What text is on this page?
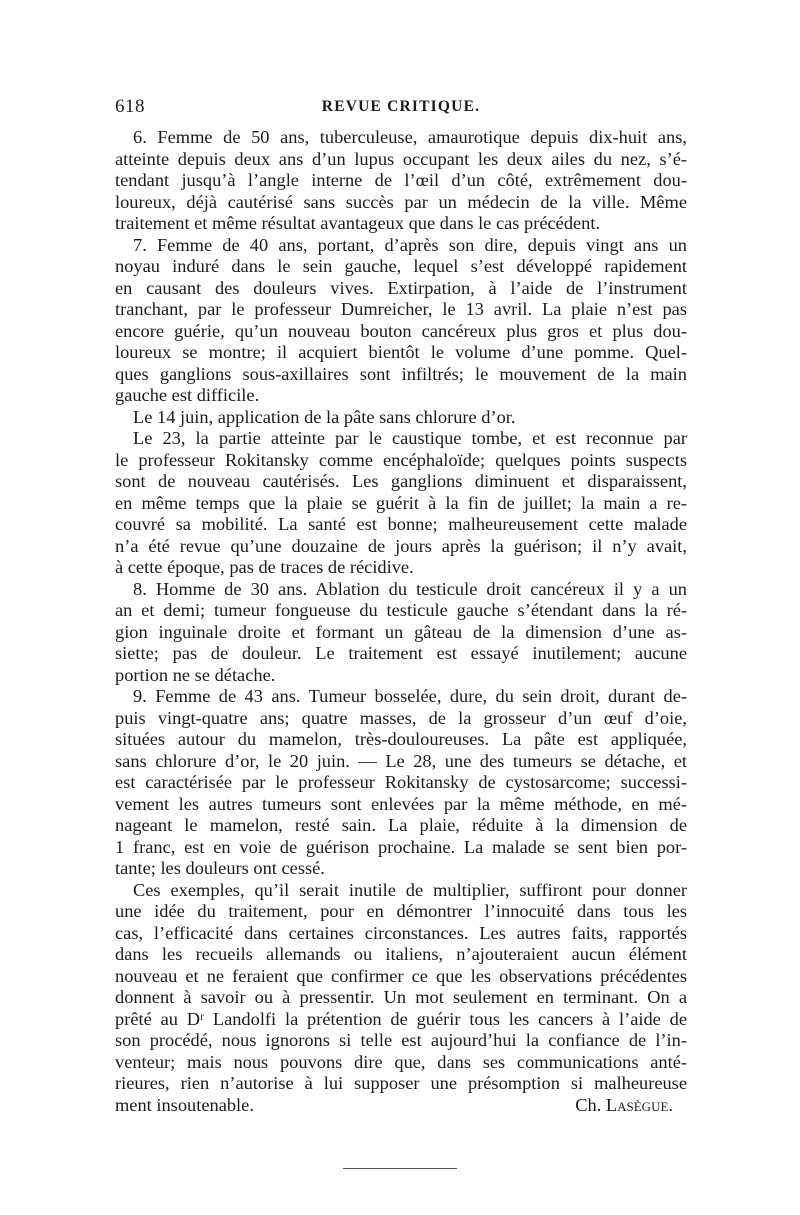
618	REVUE CRITIQUE.
6. Femme de 50 ans, tuberculeuse, amaurotique depuis dix-huit ans,
atteinte depuis deux ans d’un lupus occupant les deux ailes du nez, s’é-
tendant jusqu’à l’angle interne de l’œil d’un côté, extrêmement dou-
loureux, déjà cautérisé sans succès par un médecin de la ville. Même
traitement et même résultat avantageux que dans le cas précédent.
7. Femme de 40 ans, portant, d’après son dire, depuis vingt ans un
noyau induré dans le sein gauche, lequel s’est développé rapidement
en causant des douleurs vives. Extirpation, à l’aide de l’instrument
tranchant, par le professeur Dumreicher, le 13 avril. La plaie n’est pas
encore guérie, qu’un nouveau bouton cancéreux plus gros et plus dou-
loureux se montre; il acquiert bientôt le volume d’une pomme. Quel-
ques ganglions sous-axillaires sont infiltrés; le mouvement de la main
gauche est difficile.
Le 14 juin, application de la pâte sans chlorure d’or.
Le 23, la partie atteinte par le caustique tombe, et est reconnue par
le professeur Rokitansky comme encéphaloïde; quelques points suspects
sont de nouveau cautérisés. Les ganglions diminuent et disparaissent,
en même temps que la plaie se guérit à la fin de juillet; la main a re-
couvré sa mobilité. La santé est bonne; malheureusement cette malade
n’a été revue qu’une douzaine de jours après la guérison; il n’y avait,
à cette époque, pas de traces de récidive.
8. Homme de 30 ans. Ablation du testicule droit cancéreux il y a un
an et demi; tumeur fongueuse du testicule gauche s’étendant dans la ré-
gion inguinale droite et formant un gâteau de la dimension d’une as-
siette; pas de douleur. Le traitement est essayé inutilement; aucune
portion ne se détache.
9. Femme de 43 ans. Tumeur bosselée, dure, du sein droit, durant de-
puis vingt-quatre ans; quatre masses, de la grosseur d’un œuf d’oie,
situées autour du mamelon, très-douloureuses. La pâte est appliquée,
sans chlorure d’or, le 20 juin. — Le 28, une des tumeurs se détache, et
est caractérisée par le professeur Rokitansky de cystosarcome; successi-
vement les autres tumeurs sont enlevées par la même méthode, en mé-
nageant le mamelon, resté sain. La plaie, réduite à la dimension de
1 franc, est en voie de guérison prochaine. La malade se sent bien por-
tante; les douleurs ont cessé.
Ces exemples, qu’il serait inutile de multiplier, suffiront pour donner
une idée du traitement, pour en démontrer l’innocuité dans tous les
cas, l’efficacité dans certaines circonstances. Les autres faits, rapportés
dans les recueils allemands ou italiens, n’ajouteraient aucun élément
nouveau et ne feraient que confirmer ce que les observations précédentes
donnent à savoir ou à pressentir. Un mot seulement en terminant. On a
prêté au Dʳ Landolfi la prétention de guérir tous les cancers à l’aide de
son procédé, nous ignorons si telle est aujourd’hui la confiance de l’in-
venteur; mais nous pouvons dire que, dans ses communications anté-
rieures, rien n’autorise à lui supposer une présomption si malheureuse
ment insoutenable.	Ch. Lasègue.
